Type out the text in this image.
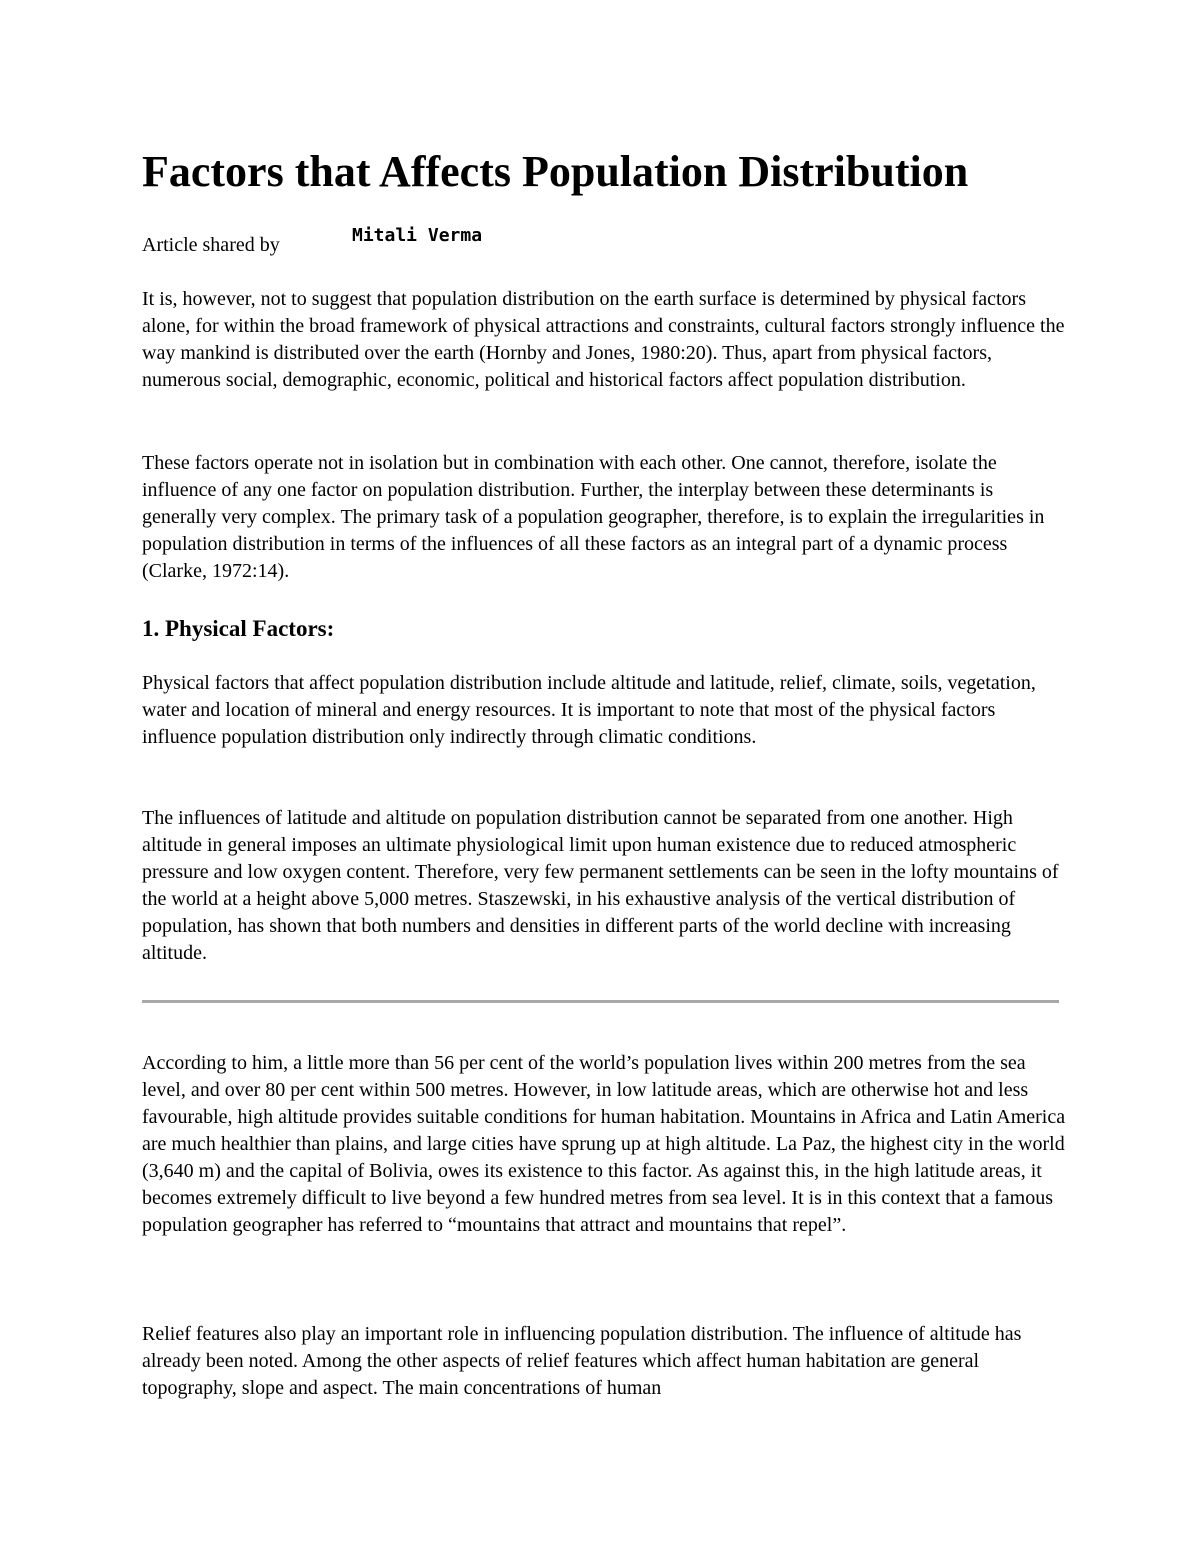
Factors that Affects Population Distribution
Article shared by	Mitali Verma

It is, however, not to suggest that population distribution on the earth surface is determined by physical factors alone, for within the broad framework of physical attractions and constraints, cultural factors strongly influence the way mankind is distributed over the earth (Hornby and Jones, 1980:20). Thus, apart from physical factors, numerous social, demographic, economic, political and historical factors affect population distribution.

These factors operate not in isolation but in combination with each other. One cannot, therefore, isolate the influence of any one factor on population distribution. Further, the interplay between these determinants is generally very complex. The primary task of a population geographer, therefore, is to explain the irregularities in population distribution in terms of the influences of all these factors as an integral part of a dynamic process (Clarke, 1972:14).

1. Physical Factors:

Physical factors that affect population distribution include altitude and latitude, relief, climate, soils, vegetation, water and location of mineral and energy resources. It is important to note that most of the physical factors influence population distribution only indirectly through climatic conditions.

The influences of latitude and altitude on population distribution cannot be separated from one another. High altitude in general imposes an ultimate physiological limit upon human existence due to reduced atmospheric pressure and low oxygen content. Therefore, very few permanent settlements can be seen in the lofty mountains of the world at a height above 5,000 metres. Staszewski, in his exhaustive analysis of the vertical distribution of population, has shown that both numbers and densities in different parts of the world decline with increasing altitude.

According to him, a little more than 56 per cent of the world’s population lives within 200 metres from the sea level, and over 80 per cent within 500 metres. However, in low latitude areas, which are otherwise hot and less favourable, high altitude provides suitable conditions for human habitation. Mountains in Africa and Latin America are much healthier than plains, and large cities have sprung up at high altitude. La Paz, the highest city in the world (3,640 m) and the capital of Bolivia, owes its existence to this factor. As against this, in the high latitude areas, it becomes extremely difficult to live beyond a few hundred metres from sea level. It is in this context that a famous population geographer has referred to “mountains that attract and mountains that repel”.

Relief features also play an important role in influencing population distribution. The influence of altitude has already been noted. Among the other aspects of relief features which affect human habitation are general topography, slope and aspect. The main concentrations of human
